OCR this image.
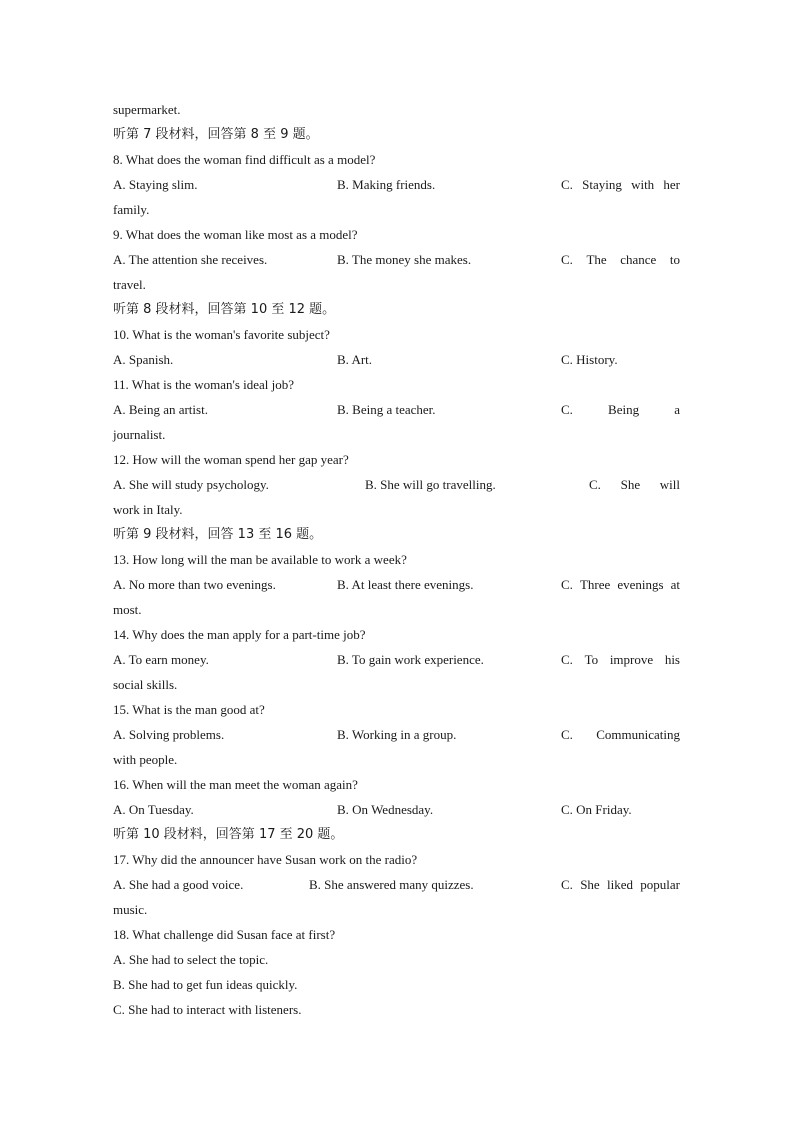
supermarket.
听第 7 段材料，回答第 8 至 9 题。
8. What does the woman find difficult as a model?
A. Staying slim.	B. Making friends.	C. Staying with her
family.
9. What does the woman like most as a model?
A. The attention she receives.	B. The money she makes.	C. The chance to
travel.
听第 8 段材料，回答第 10 至 12 题。
10. What is the woman's favorite subject?
A. Spanish.	B. Art.	C. History.
11. What is the woman's ideal job?
A. Being an artist.	B. Being a teacher.	C.	Being	a
journalist.
12. How will the woman spend her gap year?
A. She will study psychology.	B. She will go travelling.	C. She will
work in Italy.
听第 9 段材料，回答 13 至 16 题。
13. How long will the man be available to work a week?
A. No more than two evenings.	B. At least there evenings.	C. Three evenings at
most.
14. Why does the man apply for a part-time job?
A. To earn money.	B. To gain work experience.	C. To improve his
social skills.
15. What is the man good at?
A. Solving problems.	B. Working in a group.	C. Communicating
with people.
16. When will the man meet the woman again?
A. On Tuesday.	B. On Wednesday.	C. On Friday.
听第 10 段材料，回答第 17 至 20 题。
17. Why did the announcer have Susan work on the radio?
A. She had a good voice.	B. She answered many quizzes.	C. She liked popular
music.
18. What challenge did Susan face at first?
A. She had to select the topic.
B. She had to get fun ideas quickly.
C. She had to interact with listeners.
